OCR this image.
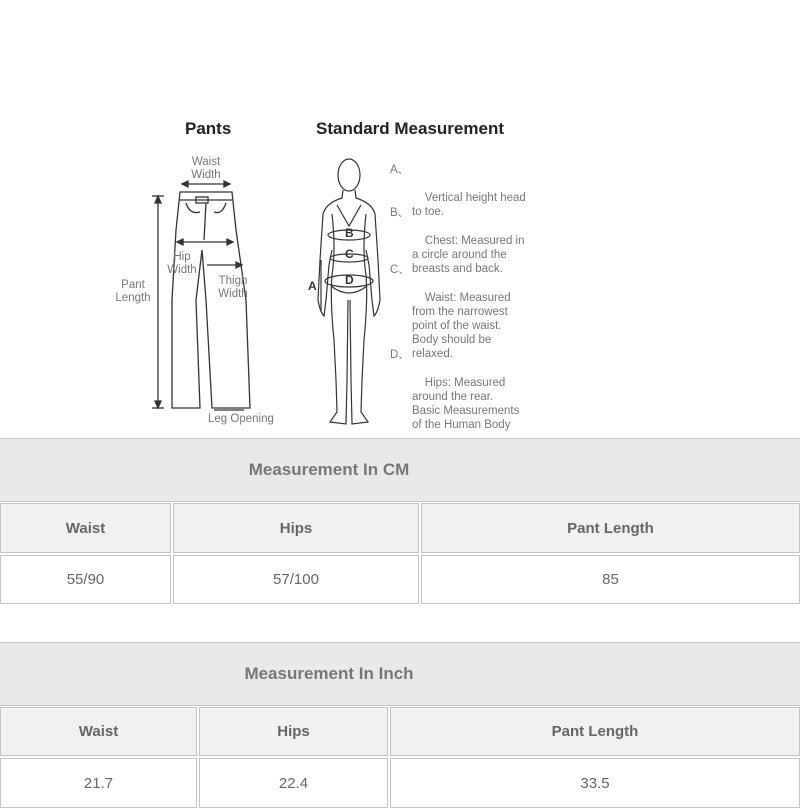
Pants	Standard Measurement
Waist
Width
Hip
Width
Thigh
Width
Pant
Length
Leg Opening
A
B
C
D

A、

Vertical height head
to toe.

B、

Chest: Measured in
a circle around the
breasts and back.

C、

Waist: Measured
from the narrowest
point of the waist.
Body should be
relaxed.

D、

Hips: Measured
around the rear.
Basic Measurements
of the Human Body

Measurement In CM
Waist	Hips	Pant Length
55/90	57/100	85
Measurement In Inch
Waist	Hips	Pant Length
21.7	22.4	33.5
